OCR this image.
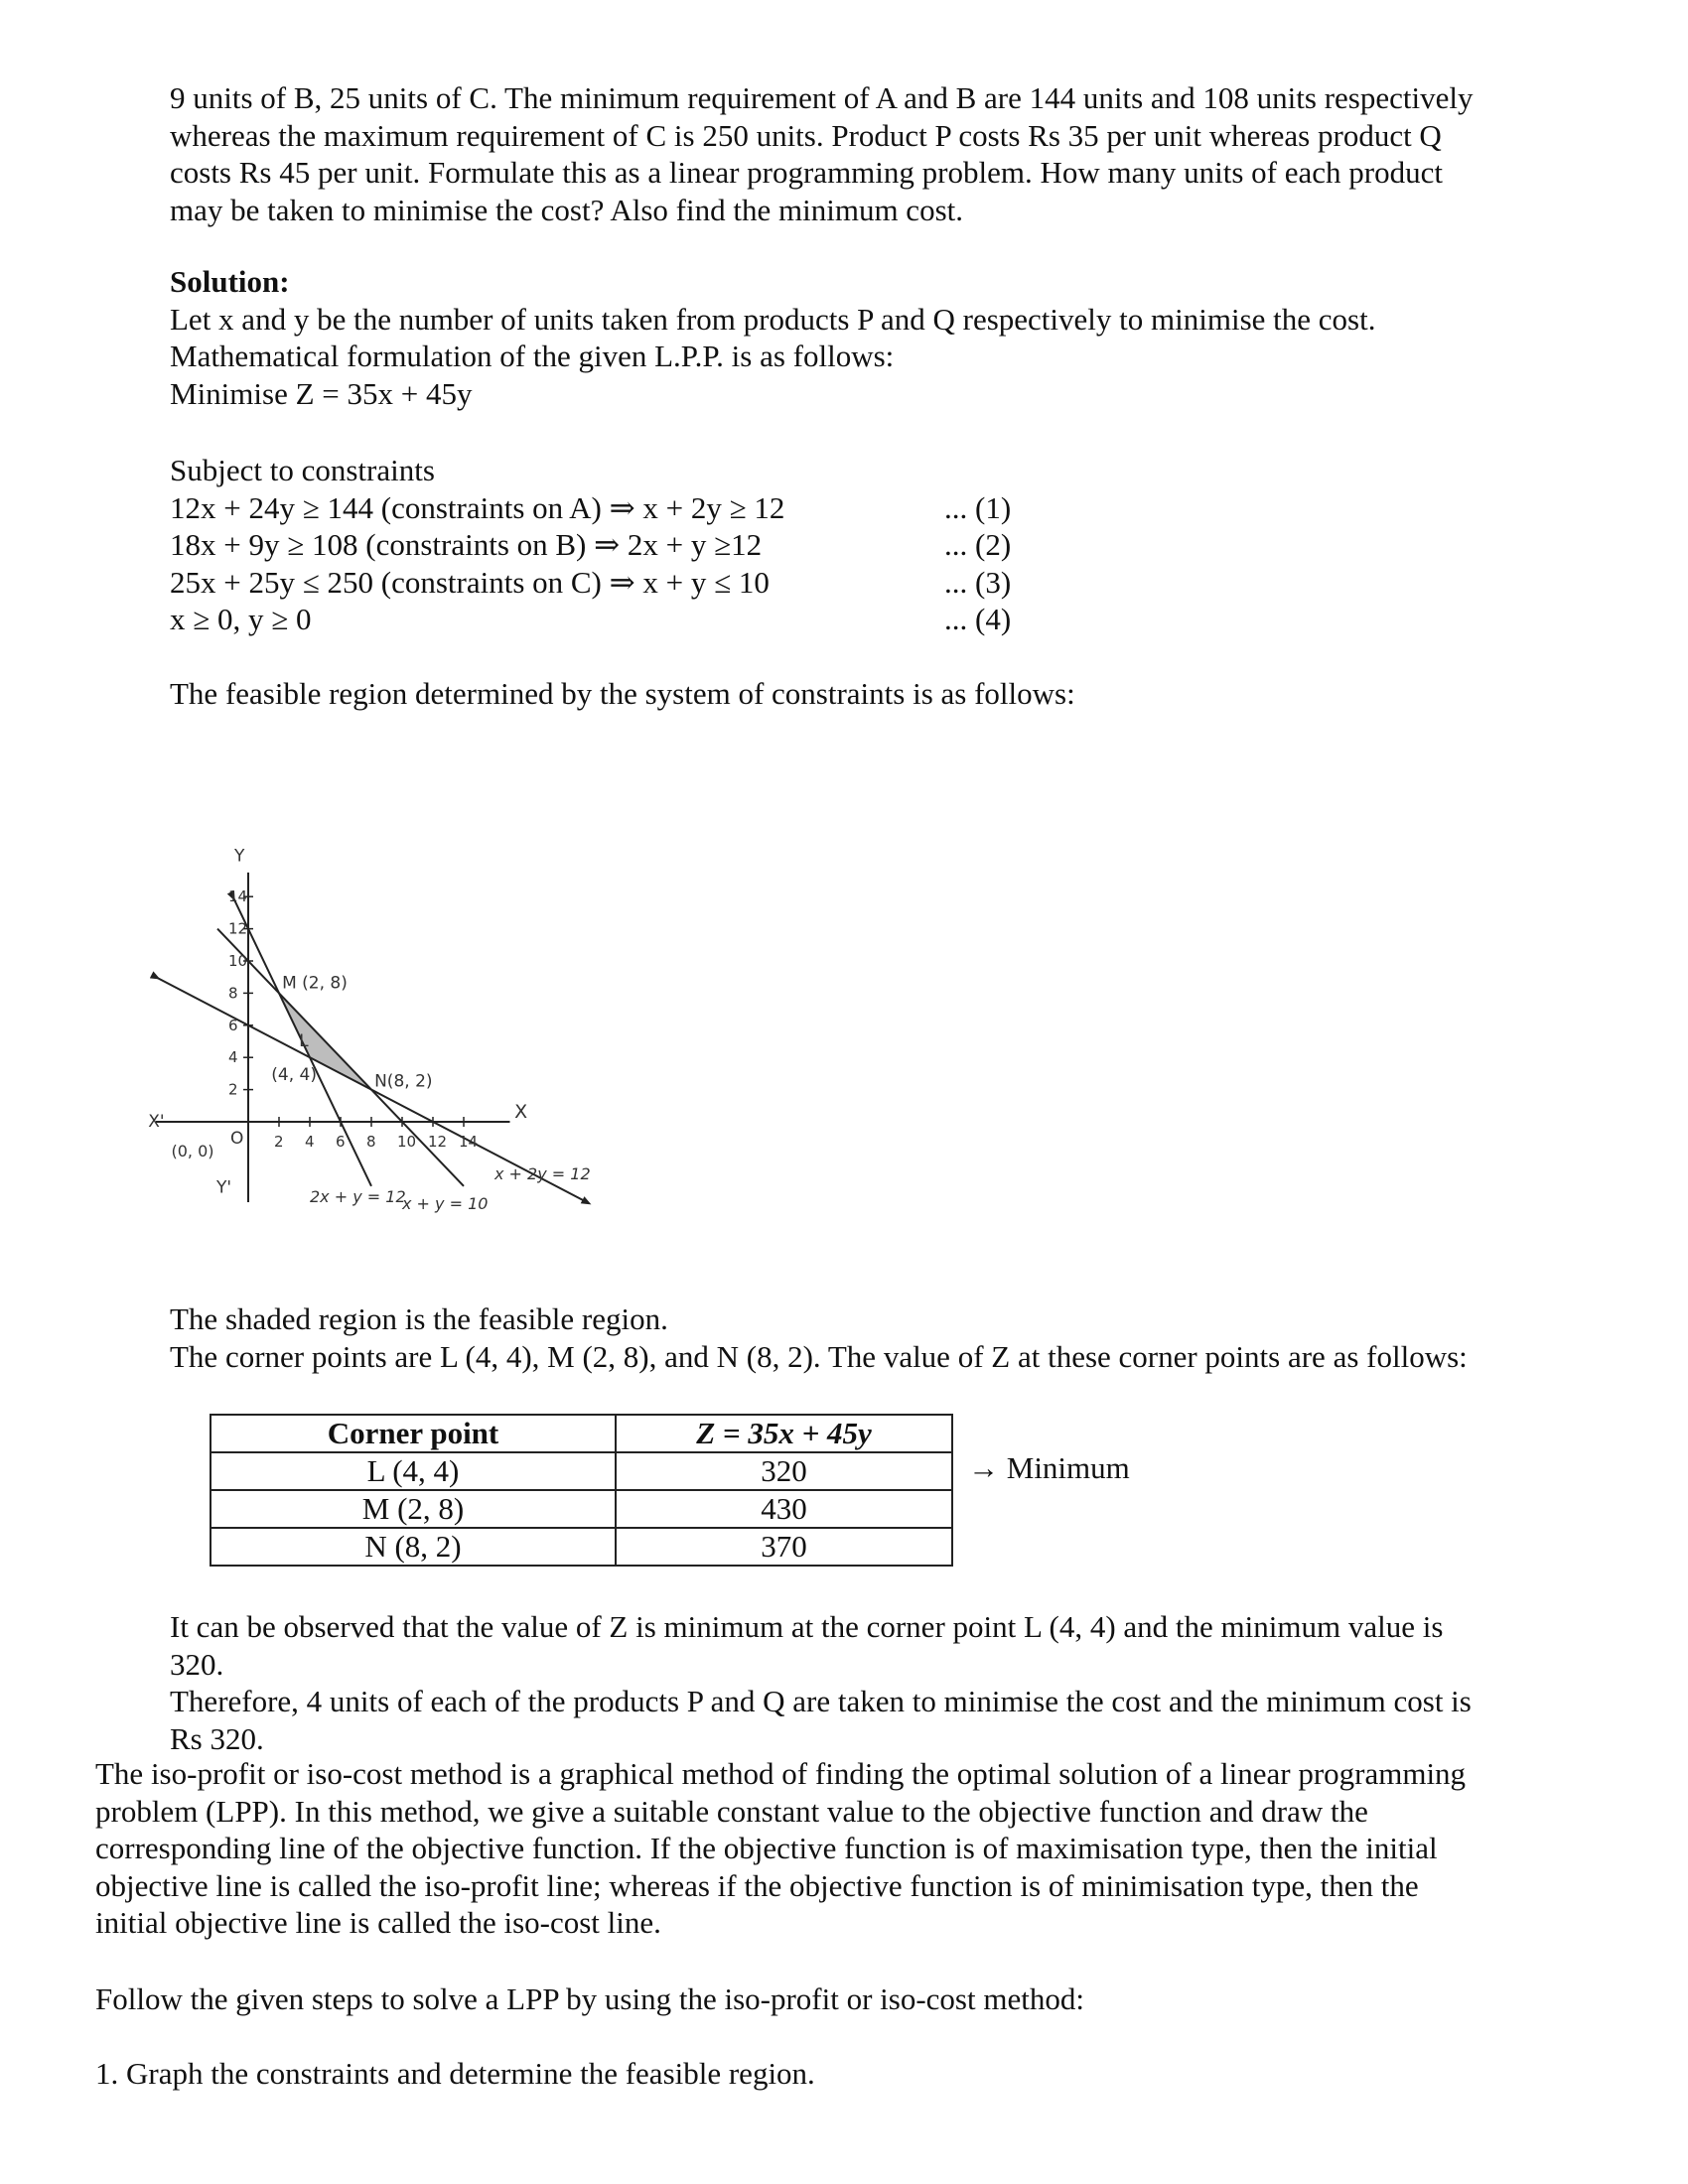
9 units of B, 25 units of C. The minimum requirement of A and B are 144 units and 108 units respectively
whereas the maximum requirement of C is 250 units. Product P costs Rs 35 per unit whereas product Q
costs Rs 45 per unit. Formulate this as a linear programming problem. How many units of each product
may be taken to minimise the cost? Also find the minimum cost.
Solution:
Let x and y be the number of units taken from products P and Q respectively to minimise the cost.
Mathematical formulation of the given L.P.P. is as follows:
Minimise Z = 35x + 45y
Subject to constraints
12x + 24y ≥ 144 (constraints on A) ⇒ x + 2y ≥ 12	... (1)
18x + 9y ≥ 108 (constraints on B) ⇒ 2x + y ≥12	... (2)
25x + 25y ≤ 250 (constraints on C) ⇒ x + y ≤ 10	... (3)
x ≥ 0, y ≥ 0	... (4)
The feasible region determined by the system of constraints is as follows:
2 4 6 8 10 12 14
2
4
6
8
10
12
14
Y
X
X'
Y'
O
(0, 0)
M (2, 8)
L
(4, 4)	N(8, 2)
x + 2y = 12
2x + y = 12
x + y = 10
The shaded region is the feasible region.
The corner points are L (4, 4), M (2, 8), and N (8, 2). The value of Z at these corner points are as follows:
Corner point	Z = 35x + 45y
L (4, 4)	320
M (2, 8)	430
N (8, 2)	370
→ Minimum
It can be observed that the value of Z is minimum at the corner point L (4, 4) and the minimum value is
320.
Therefore, 4 units of each of the products P and Q are taken to minimise the cost and the minimum cost is
Rs 320.
The iso-profit or iso-cost method is a graphical method of finding the optimal solution of a linear programming
problem (LPP). In this method, we give a suitable constant value to the objective function and draw the
corresponding line of the objective function. If the objective function is of maximisation type, then the initial
objective line is called the iso-profit line; whereas if the objective function is of minimisation type, then the
initial objective line is called the iso-cost line.
Follow the given steps to solve a LPP by using the iso-profit or iso-cost method:
1. Graph the constraints and determine the feasible region.
